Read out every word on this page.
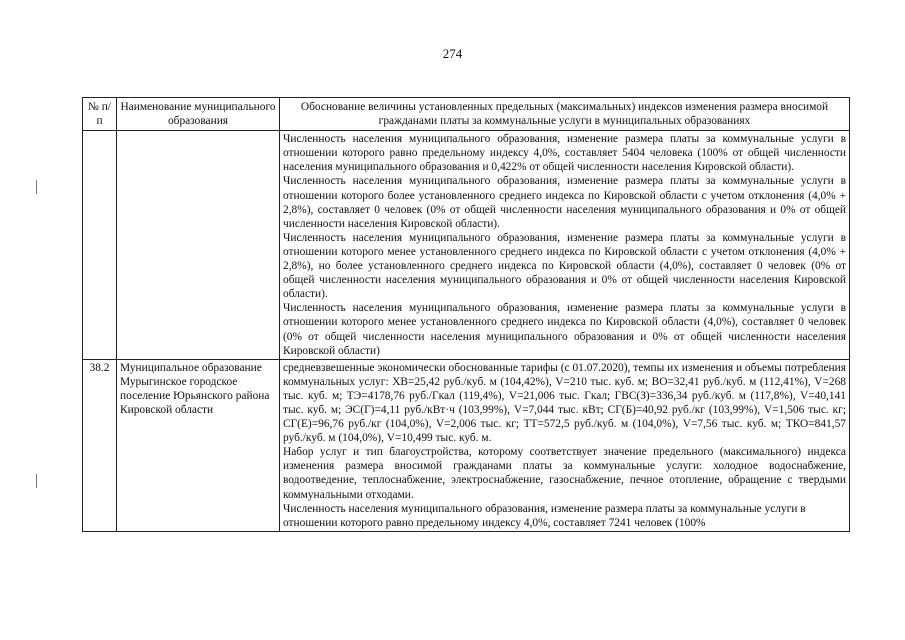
274
№ п/п	Наименование муниципального образования	Обоснование величины установленных предельных (максимальных) индексов изменения размера вносимой гражданами платы за коммунальные услуги в муниципальных образованиях

		Численность населения муниципального образования, изменение размера платы за коммунальные услуги в отношении которого равно предельному индексу 4,0%, составляет 5404 человека (100% от общей численности населения муниципального образования и 0,422% от общей численности населения Кировской области).

Численность населения муниципального образования, изменение размера платы за коммунальные услуги в отношении которого более установленного среднего индекса по Кировской области с учетом отклонения (4,0% + 2,8%), составляет 0 человек (0% от общей численности населения муниципального образования и 0% от общей численности населения Кировской области).

Численность населения муниципального образования, изменение размера платы за коммунальные услуги в отношении которого менее установленного среднего индекса по Кировской области с учетом отклонения (4,0% + 2,8%), но более установленного среднего индекса по Кировской области (4,0%), составляет 0 человек (0% от общей численности населения муниципального образования и 0% от общей численности населения Кировской области).

Численность населения муниципального образования, изменение размера платы за коммунальные услуги в отношении которого менее установленного среднего индекса по Кировской области (4,0%), составляет 0 человек (0% от общей численности населения муниципального образования и 0% от общей численности населения Кировской области)

38.2	Муниципальное образование Мурыгинское городское поселение Юрьянского района Кировской области	средневзвешенные экономически обоснованные тарифы (с 01.07.2020), темпы их изменения и объемы потребления коммунальных услуг: ХВ=25,42 руб./куб. м (104,42%), V=210 тыс. куб. м; ВО=32,41 руб./куб. м (112,41%), V=268 тыс. куб. м; ТЭ=4178,76 руб./Гкал (119,4%), V=21,006 тыс. Гкал; ГВС(З)=336,34 руб./куб. м (117,8%), V=40,141 тыс. куб. м; ЭС(Г)=4,11 руб./кВт·ч (103,99%), V=7,044 тыс. кВт; СГ(Б)=40,92 руб./кг (103,99%), V=1,506 тыс. кг; СГ(Е)=96,76 руб./кг (104,0%), V=2,006 тыс. кг; ТТ=572,5 руб./куб. м (104,0%), V=7,56 тыс. куб. м; ТКО=841,57 руб./куб. м (104,0%), V=10,499 тыс. куб. м.

Набор услуг и тип благоустройства, которому соответствует значение предельного (максимального) индекса изменения размера вносимой гражданами платы за коммунальные услуги: холодное водоснабжение, водоотведение, теплоснабжение, электроснабжение, газоснабжение, печное отопление, обращение с твердыми коммунальными отходами.

Численность населения муниципального образования, изменение размера платы за коммунальные услуги в отношении которого равно предельному индексу 4,0%, составляет 7241 человек (100%
